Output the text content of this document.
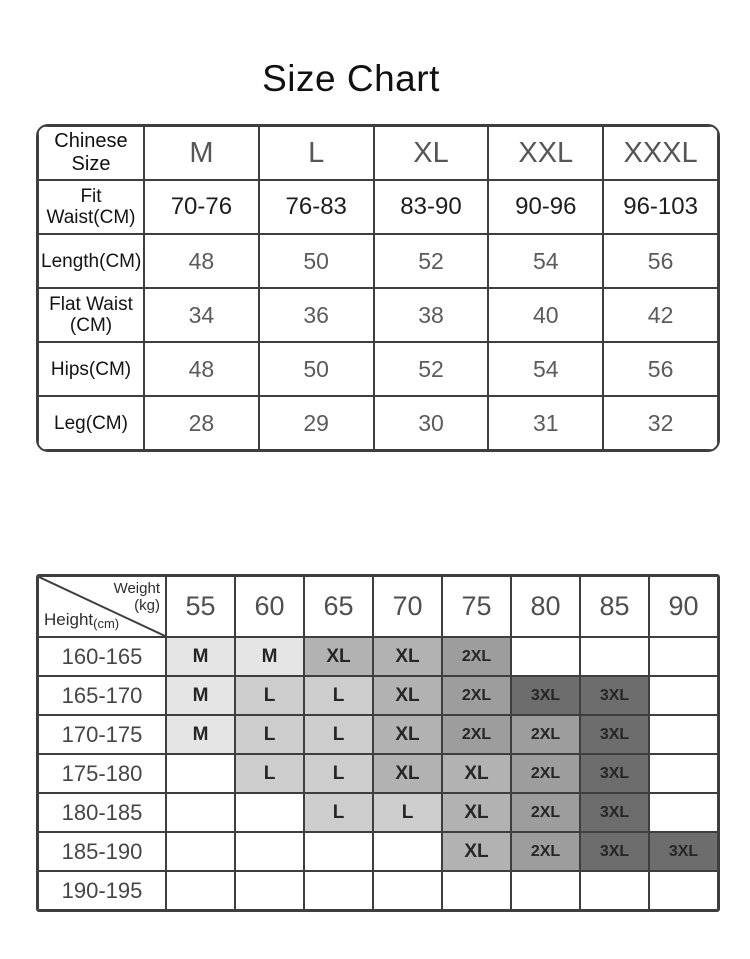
Size Chart
Chinese Size	M	L	XL	XXL	XXXL
Fit Waist(CM)	70-76	76-83	83-90	90-96	96-103
Length(CM)	48	50	52	54	56
Flat Waist
(CM)	34	36	38	40	42
Hips(CM)	48	50	52	54	56
Leg(CM)	28	29	30	31	32
Weight
(kg)
Height(cm)	55	60	65	70	75	80	85	90
160-165	M	M	XL	XL	2XL			
165-170	M	L	L	XL	2XL	3XL	3XL	
170-175	M	L	L	XL	2XL	2XL	3XL	
175-180		L	L	XL	XL	2XL	3XL	
180-185			L	L	XL	2XL	3XL	
185-190					XL	2XL	3XL	3XL
190-195								
